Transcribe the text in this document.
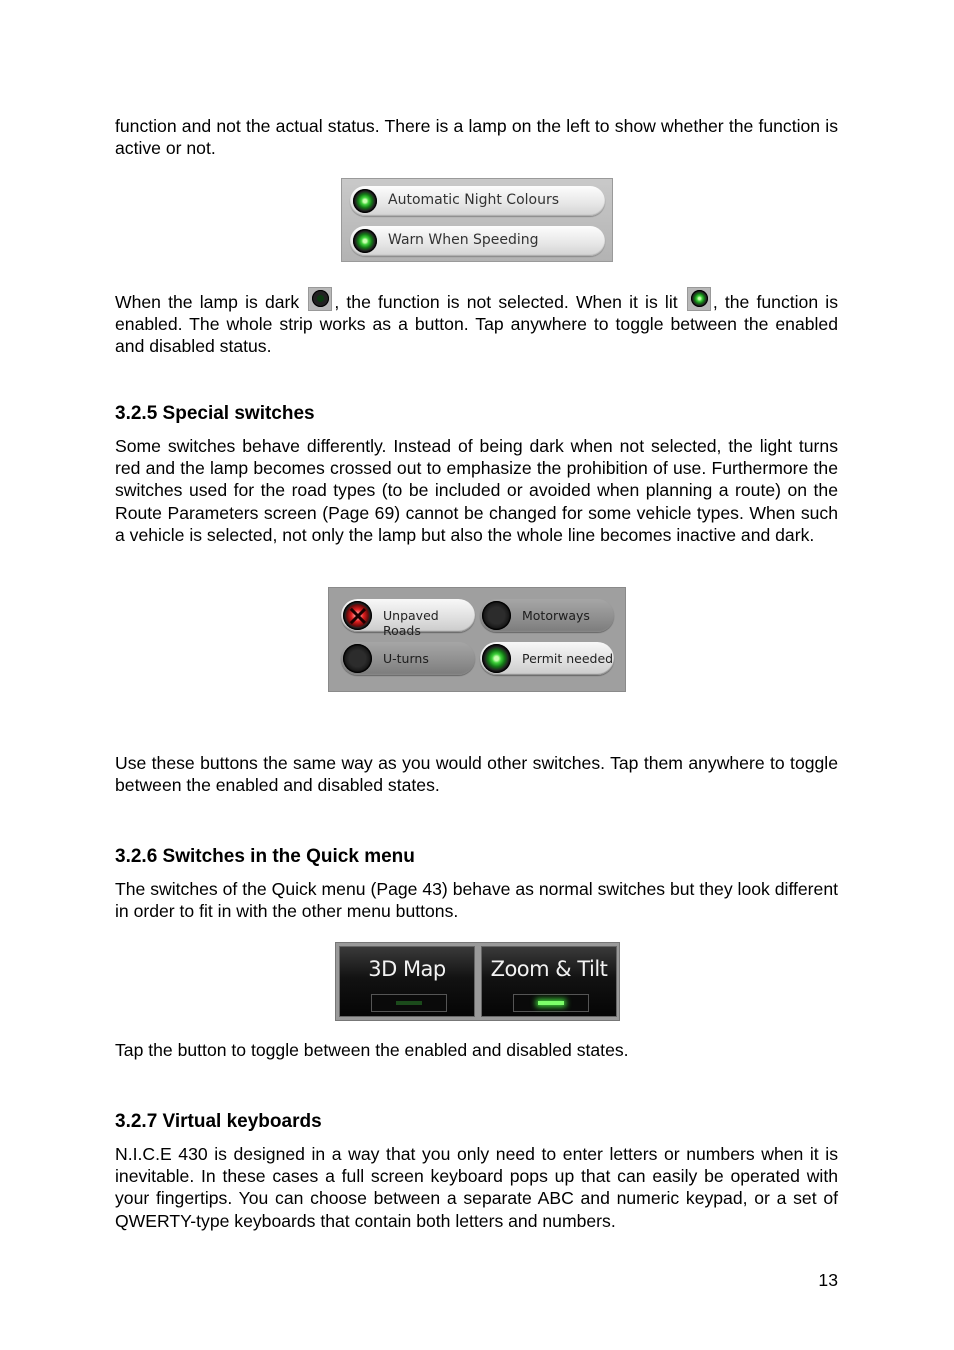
function and not the actual status. There is a lamp on the left to show whether the function is active or not.

Automatic Night Colours
Warn When Speeding

When the lamp is dark , the function is not selected. When it is lit , the function is enabled. The whole strip works as a button. Tap anywhere to toggle between the enabled and disabled status.

3.2.5 Special switches

Some switches behave differently. Instead of being dark when not selected, the light turns red and the lamp becomes crossed out to emphasize the prohibition of use. Furthermore the switches used for the road types (to be included or avoided when planning a route) on the Route Parameters screen (Page 69) cannot be changed for some vehicle types. When such a vehicle is selected, not only the lamp but also the whole line becomes inactive and dark.

Unpaved Roads
Motorways
U-turns	Permit needed

Use these buttons the same way as you would other switches. Tap them anywhere to toggle between the enabled and disabled states.

3.2.6 Switches in the Quick menu

The switches of the Quick menu (Page 43) behave as normal switches but they look different in order to fit in with the other menu buttons.

3D Map	Zoom & Tilt

Tap the button to toggle between the enabled and disabled states.

3.2.7 Virtual keyboards

N.I.C.E 430 is designed in a way that you only need to enter letters or numbers when it is inevitable. In these cases a full screen keyboard pops up that can easily be operated with your fingertips. You can choose between a separate ABC and numeric keypad, or a set of QWERTY-type keyboards that contain both letters and numbers.

13
